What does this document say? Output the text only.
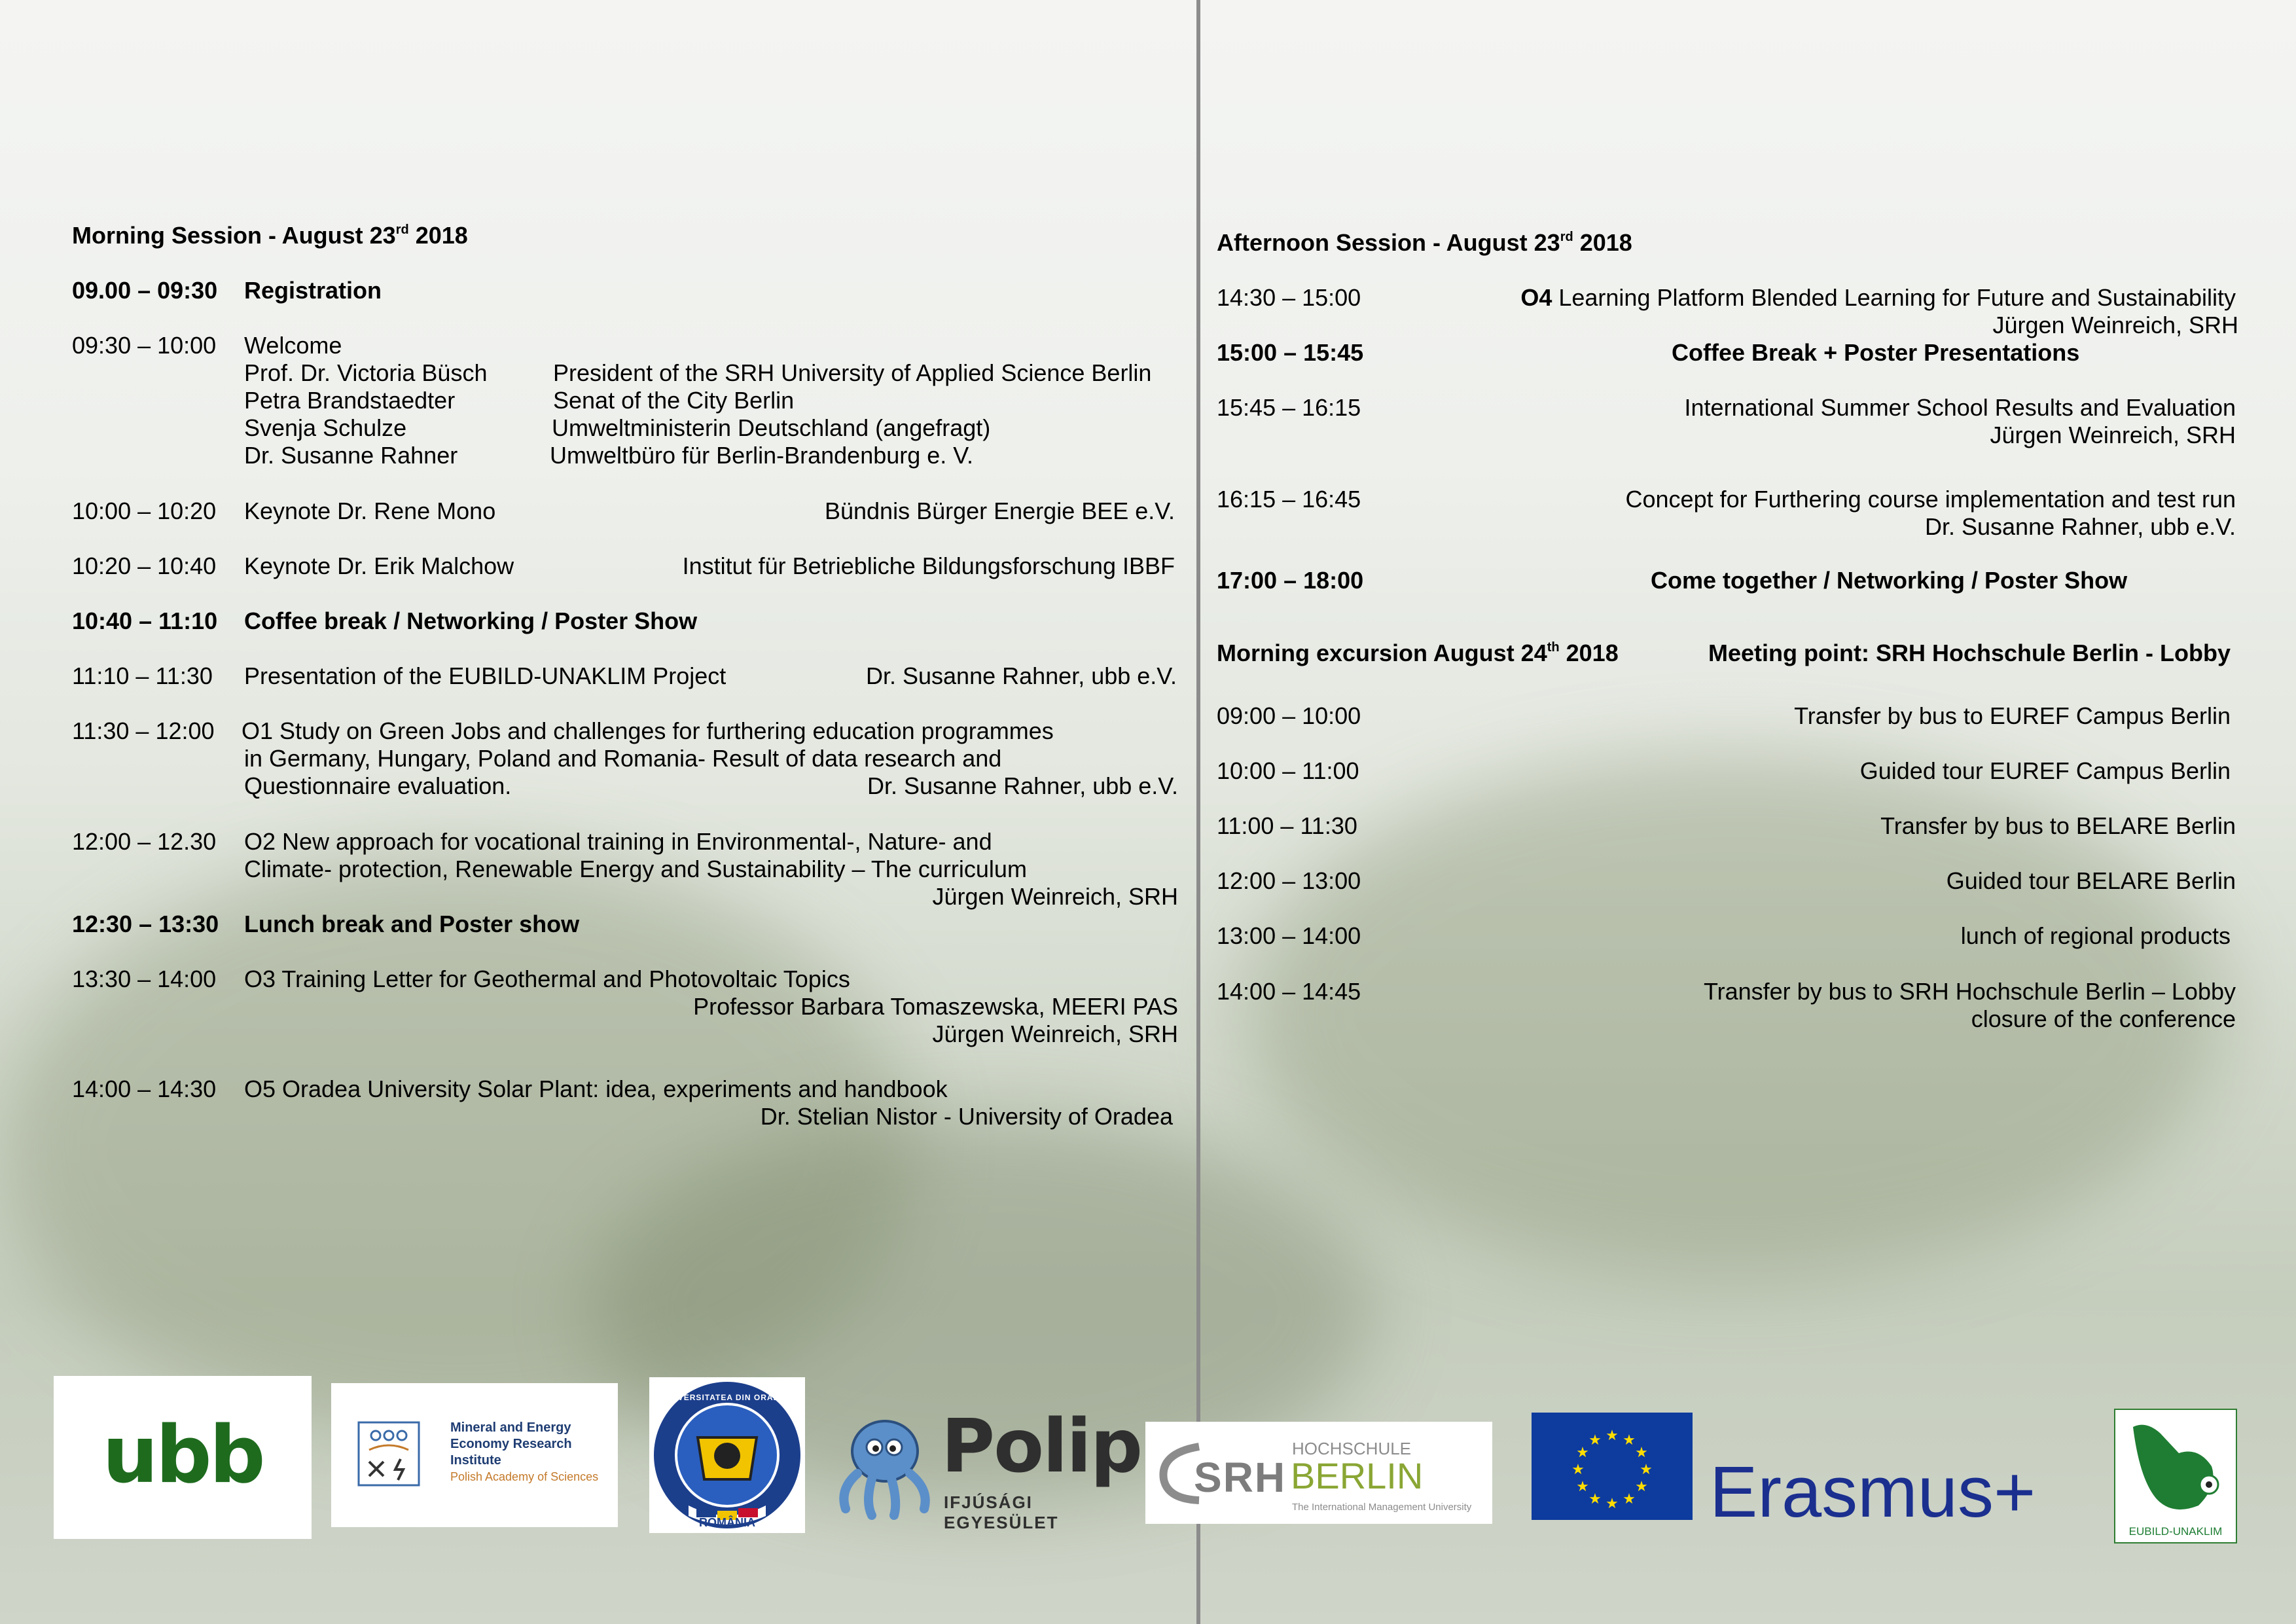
Morning Session - August 23rd 2018
09.00 – 09:30 Registration
09:30 – 10:00 Welcome
Prof. Dr. Victoria Büsch	President of the SRH University of Applied Science Berlin
Petra Brandstaedter	Senat of the City Berlin
Svenja Schulze	Umweltministerin Deutschland (angefragt)
Dr. Susanne Rahner	Umweltbüro für Berlin-Brandenburg e. V.
10:00 – 10:20 Keynote Dr. Rene Mono	Bündnis Bürger Energie BEE e.V.
10:20 – 10:40 Keynote Dr. Erik Malchow	Institut für Betriebliche Bildungsforschung IBBF
10:40 – 11:10 Coffee break / Networking / Poster Show
11:10 – 11:30 Presentation of the EUBILD-UNAKLIM Project	Dr. Susanne Rahner, ubb e.V.
11:30 – 12:00 O1 Study on Green Jobs and challenges for furthering education programmes
in Germany, Hungary, Poland and Romania- Result of data research and
Questionnaire evaluation.	Dr. Susanne Rahner, ubb e.V.
12:00 – 12.30 O2 New approach for vocational training in Environmental-, Nature- and
Climate- protection, Renewable Energy and Sustainability – The curriculum
Jürgen Weinreich, SRH
12:30 – 13:30 Lunch break and Poster show
13:30 – 14:00 O3 Training Letter for Geothermal and Photovoltaic Topics
Professor Barbara Tomaszewska, MEERI PAS
Jürgen Weinreich, SRH
14:00 – 14:30 O5 Oradea University Solar Plant: idea, experiments and handbook
Dr. Stelian Nistor - University of Oradea
Afternoon Session - August 23rd 2018
14:30 – 15:00	O4 Learning Platform Blended Learning for Future and Sustainability
Jürgen Weinreich, SRH
15:00 – 15:45	Coffee Break + Poster Presentations
15:45 – 16:15	International Summer School Results and Evaluation
Jürgen Weinreich, SRH
16:15 – 16:45	Concept for Furthering course implementation and test run
Dr. Susanne Rahner, ubb e.V.
17:00 – 18:00	Come together / Networking / Poster Show
Morning excursion August 24th 2018	Meeting point: SRH Hochschule Berlin - Lobby
09:00 – 10:00	Transfer by bus to EUREF Campus Berlin
10:00 – 11:00	Guided tour EUREF Campus Berlin
11:00 – 11:30	Transfer by bus to BELARE Berlin
12:00 – 13:00	Guided tour BELARE Berlin
13:00 – 14:00	lunch of regional products
14:00 – 14:45	Transfer by bus to SRH Hochschule Berlin – Lobby
closure of the conference
ubb	Mineral and Energy
Economy Research
Institute
Polish Academy of Sciences
UNIVERSITATEA DIN ORADEA
ROMÂNIA
Polip
IFJÚSÁGI EGYESÜLET
SRH
HOCHSCHULE
BERLIN
The International Management University
★ ★
★
★
★
★
★
★
★
★
★
★
Erasmus+	EUBILD-UNAKLIM
